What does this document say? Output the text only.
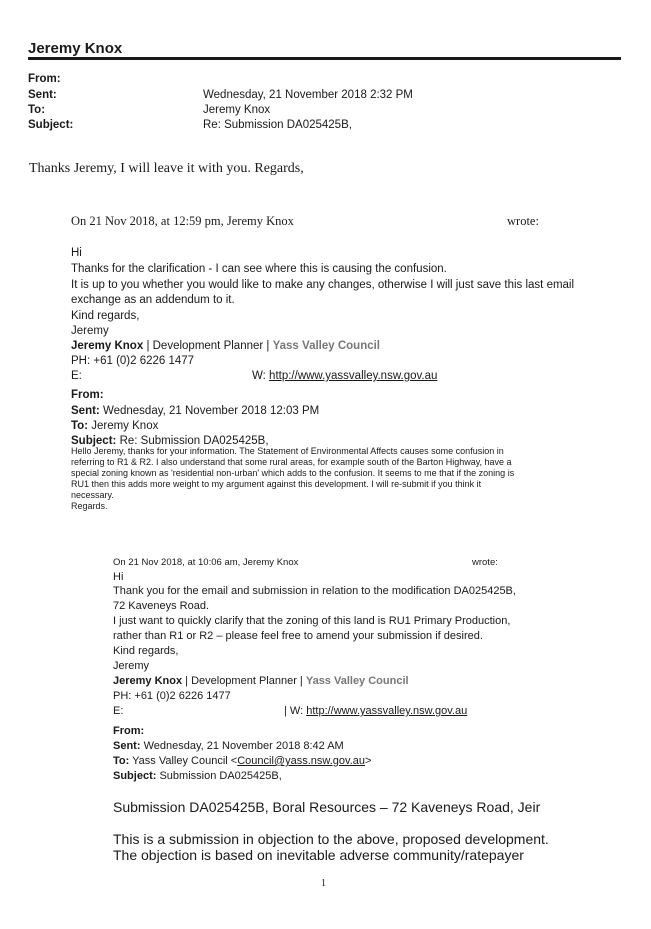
Jeremy Knox
From:
Sent:	Wednesday, 21 November 2018 2:32 PM
To:	Jeremy Knox
Subject:	Re: Submission DA025425B,
Thanks Jeremy, I will leave it with you. Regards,
On 21 Nov 2018, at 12:59 pm, Jeremy Knox	wrote:
Hi
Thanks for the clarification - I can see where this is causing the confusion.
It is up to you whether you would like to make any changes, otherwise I will just save this last email
exchange as an addendum to it.
Kind regards,
Jeremy
Jeremy Knox | Development Planner | Yass Valley Council
PH: +61 (0)2 6226 1477
E:	W: http://www.yassvalley.nsw.gov.au
From:
Sent: Wednesday, 21 November 2018 12:03 PM
To: Jeremy Knox
Subject: Re: Submission DA025425B,
Hello Jeremy, thanks for your information. The Statement of Environmental Affects causes some confusion in
referring to R1 & R2. I also understand that some rural areas, for example south of the Barton Highway, have a
special zoning known as 'residential non-urban' which adds to the confusion. It seems to me that if the zoning is
RU1 then this adds more weight to my argument against this development. I will re-submit if you think it
necessary.
Regards.
On 21 Nov 2018, at 10:06 am, Jeremy Knox	wrote:
Hi
Thank you for the email and submission in relation to the modification DA025425B,
72 Kaveneys Road.
I just want to quickly clarify that the zoning of this land is RU1 Primary Production,
rather than R1 or R2 – please feel free to amend your submission if desired.
Kind regards,
Jeremy
Jeremy Knox | Development Planner | Yass Valley Council
PH: +61 (0)2 6226 1477
E:	| W: http://www.yassvalley.nsw.gov.au
From:
Sent: Wednesday, 21 November 2018 8:42 AM
To: Yass Valley Council <Council@yass.nsw.gov.au>
Subject: Submission DA025425B,
Submission DA025425B, Boral Resources – 72 Kaveneys Road, Jeir
This is a submission in objection to the above, proposed development.
The objection is based on inevitable adverse community/ratepayer
1
